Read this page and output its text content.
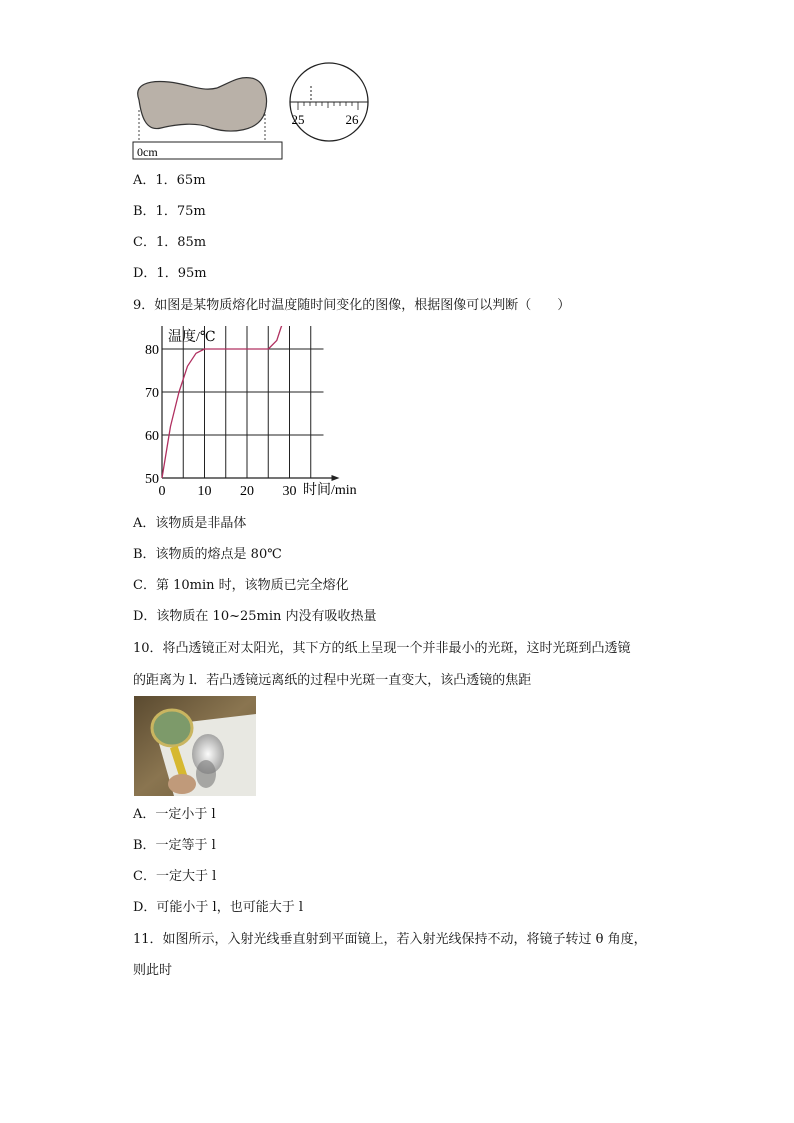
0cm
25	26
A．1．65m
B．1．75m
C．1．85m
D．1．95m
9．如图是某物质熔化时温度随时间变化的图像，根据图像可以判断（　　）
50
60
70
80
0 10 20 30
温度/℃
时间/min
A．该物质是非晶体
B．该物质的熔点是 80℃
C．第 10min 时，该物质已完全熔化
D．该物质在 10~25min 内没有吸收热量
10．将凸透镜正对太阳光，其下方的纸上呈现一个并非最小的光斑，这时光斑到凸透镜
的距离为 l．若凸透镜远离纸的过程中光斑一直变大，该凸透镜的焦距
A．一定小于 l
B．一定等于 l
C．一定大于 l
D．可能小于 l，也可能大于 l
11．如图所示，入射光线垂直射到平面镜上，若入射光线保持不动，将镜子转过 θ 角度，
则此时
